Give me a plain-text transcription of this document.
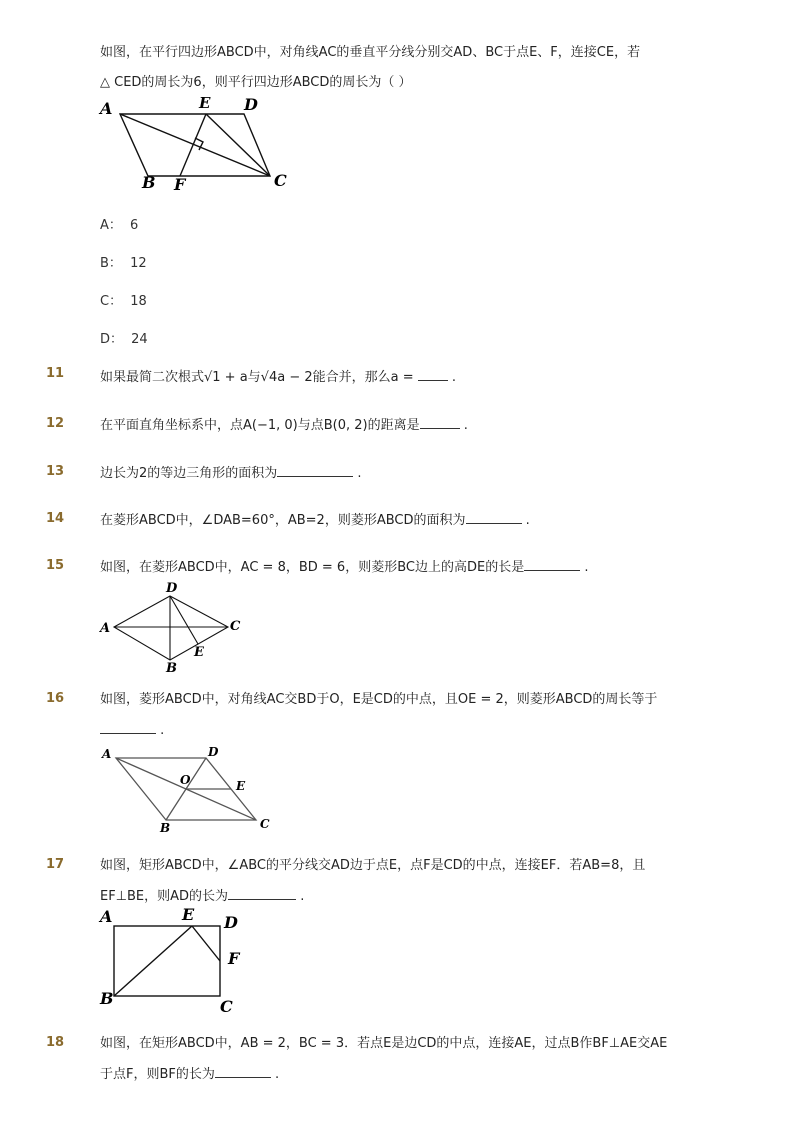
如图，在平行四边形ABCD中，对角线AC的垂直平分线分别交AD、BC于点E、F，连接CE，若
△ CED的周长为6，则平行四边形ABCD的周长为（ ）
A	E D
B F	C
A： 6
B： 12
C： 18
D： 24
11	如果最简二次根式√1 + a与√4a − 2能合并，那么a =  .
12	在平面直角坐标系中，点A(−1, 0)与点B(0, 2)的距离是	.
13	边长为2的等边三角形的面积为	.
14	在菱形ABCD中，∠DAB=60°，AB=2，则菱形ABCD的面积为	.
15	如图，在菱形ABCD中，AC = 8，BD = 6，则菱形BC边上的高DE的长是	.
A
D
C
B
E
16	如图，菱形ABCD中，对角线AC交BD于O，E是CD的中点，且OE = 2，则菱形ABCD的周长等于
.
A	D
O	E
B	C
17	如图，矩形ABCD中，∠ABC的平分线交AD边于点E，点F是CD的中点，连接EF．若AB=8，且
EF⊥BE，则AD的长为	.
A	E D
F
B	C
18	如图，在矩形ABCD中，AB = 2，BC = 3．若点E是边CD的中点，连接AE，过点B作BF⊥AE交AE
于点F，则BF的长为	.
